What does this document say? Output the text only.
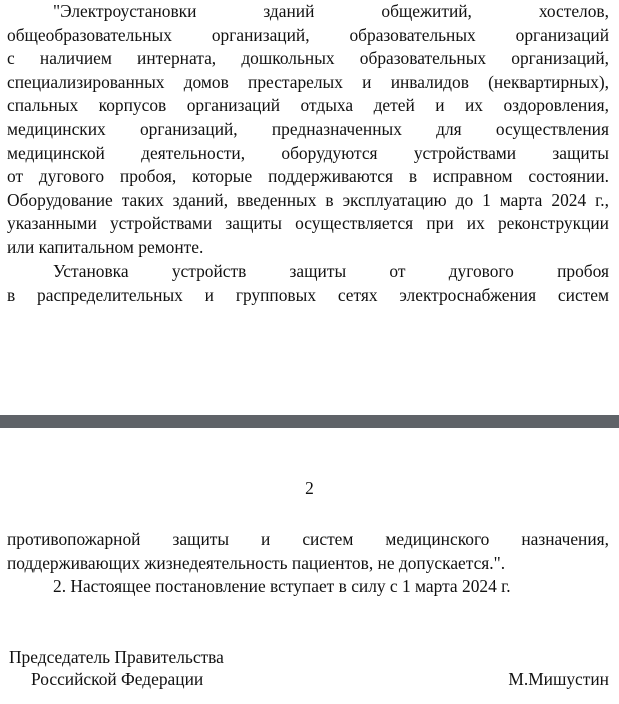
"Электроустановки зданий общежитий, хостелов,
общеобразовательных организаций, образовательных организаций
с наличием интерната, дошкольных образовательных организаций,
специализированных домов престарелых и инвалидов (неквартирных),
спальных корпусов организаций отдыха детей и их оздоровления,
медицинских организаций, предназначенных для осуществления
медицинской деятельности, оборудуются устройствами защиты
от дугового пробоя, которые поддерживаются в исправном состоянии.
Оборудование таких зданий, введенных в эксплуатацию до 1 марта 2024 г.,
указанными устройствами защиты осуществляется при их реконструкции
или капитальном ремонте.
Установка устройств защиты от дугового пробоя
в распределительных и групповых сетях электроснабжения систем
2
противопожарной защиты и систем медицинского назначения,
поддерживающих жизнедеятельность пациентов, не допускается.".
2. Настоящее постановление вступает в силу с 1 марта 2024 г.
Председатель Правительства
Российской Федерации	М.Мишустин
